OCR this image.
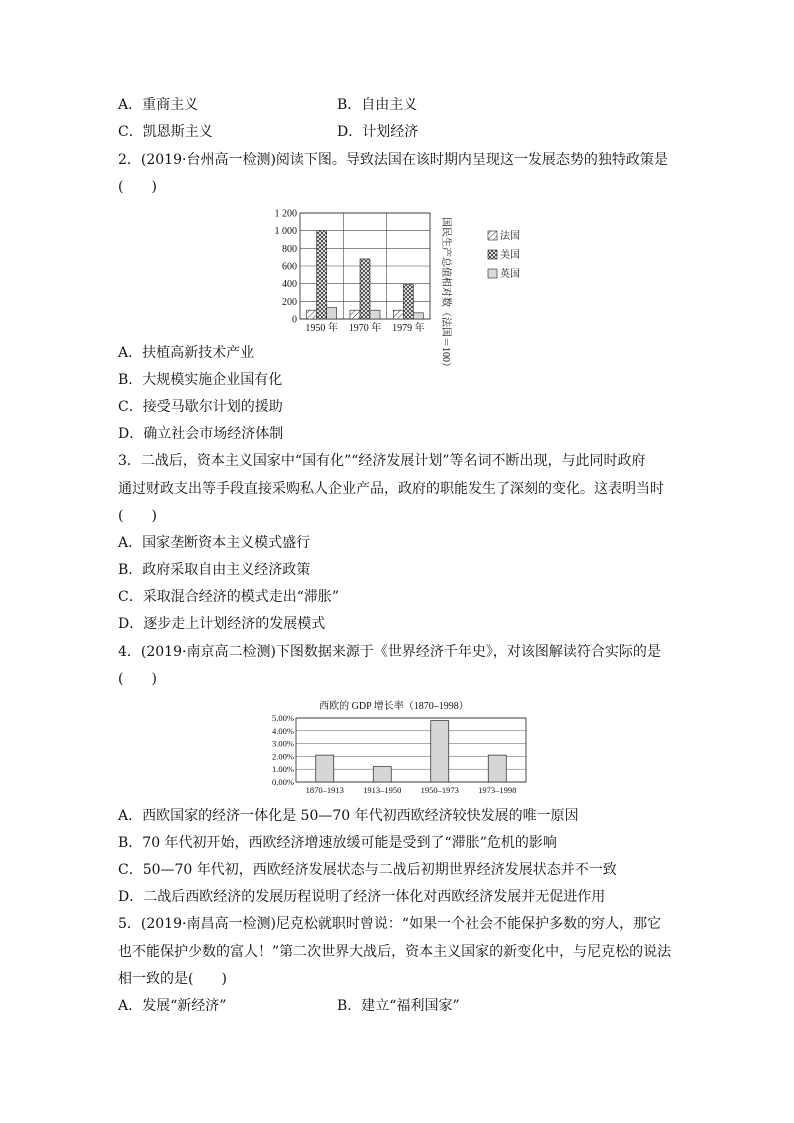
A．重商主义	B．自由主义
C．凯恩斯主义	D．计划经济
2．(2019·台州高一检测)阅读下图。导致法国在该时期内呈现这一发展态势的独特政策是
(　　)
0
200
400
600
800
1 000
1 200
1950 年 1970 年 1979 年 国民生产总值相对数（法国＝100）	法国
美国
英国
A．扶植高新技术产业
B．大规模实施企业国有化
C．接受马歇尔计划的援助
D．确立社会市场经济体制
3．二战后，资本主义国家中“国有化”“经济发展计划”等名词不断出现，与此同时政府
通过财政支出等手段直接采购私人企业产品，政府的职能发生了深刻的变化。这表明当时
(　　)
A．国家垄断资本主义模式盛行
B．政府采取自由主义经济政策
C．采取混合经济的模式走出“滞胀”
D．逐步走上计划经济的发展模式
4．(2019·南京高二检测)下图数据来源于《世界经济千年史》，对该图解读符合实际的是
(　　)
西欧的 GDP 增长率（1870–1998）
0.00%
1.00%
2.00%
3.00%
4.00%
5.00%
1870–1913 1913–1950 1950–1973 1973–1998
A．西欧国家的经济一体化是 50—70 年代初西欧经济较快发展的唯一原因
B．70 年代初开始，西欧经济增速放缓可能是受到了“滞胀”危机的影响
C．50—70 年代初，西欧经济发展状态与二战后初期世界经济发展状态并不一致
D．二战后西欧经济的发展历程说明了经济一体化对西欧经济发展并无促进作用
5．(2019·南昌高一检测)尼克松就职时曾说：“如果一个社会不能保护多数的穷人，那它
也不能保护少数的富人！”第二次世界大战后，资本主义国家的新变化中，与尼克松的说法
相一致的是(　　)
A．发展“新经济”	B．建立“福利国家”
